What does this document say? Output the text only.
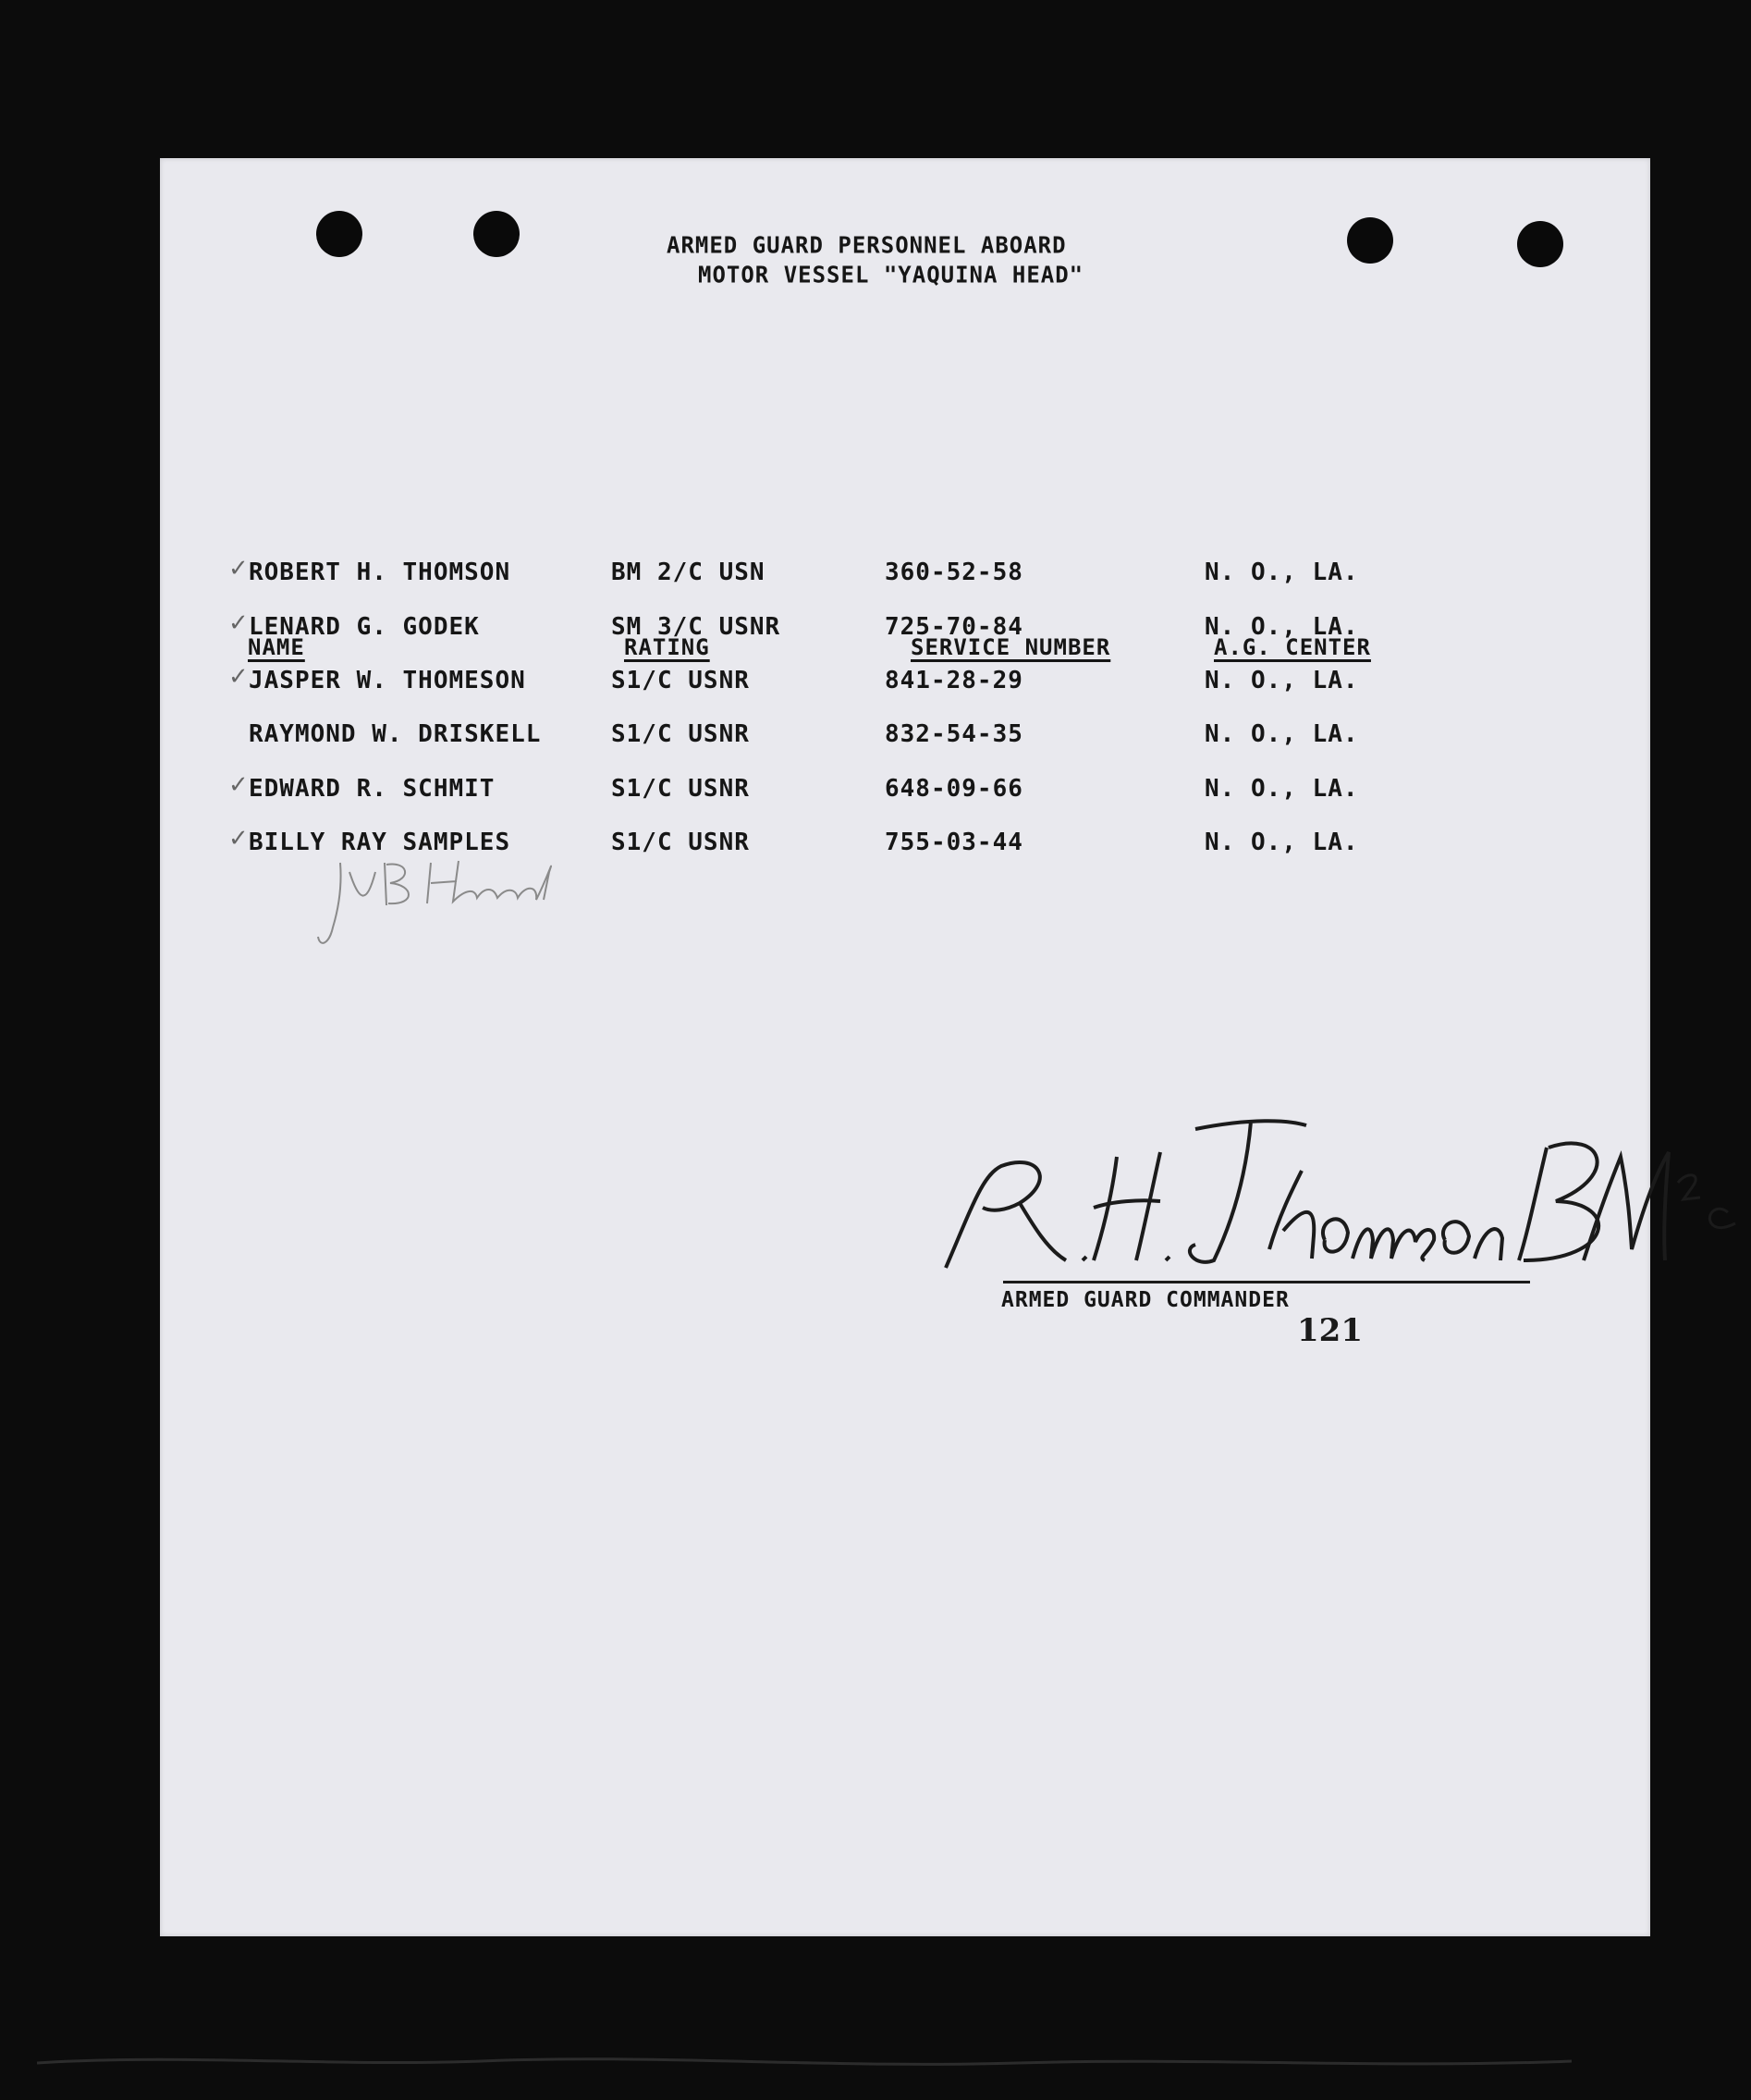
ARMED GUARD PERSONNEL ABOARD
MOTOR VESSEL "YAQUINA HEAD"
NAME	RATING	SERVICE NUMBER	A.G. CENTER
✓ ROBERT H. THOMSON	BM 2/C USN	360-52-58	N. O., LA.
✓ LENARD G. GODEK	SM 3/C USNR	725-70-84	N. O., LA.
✓ JASPER W. THOMESON	S1/C USNR	841-28-29	N. O., LA.
RAYMOND W. DRISKELL	S1/C USNR	832-54-35	N. O., LA.
✓ EDWARD R. SCHMIT	S1/C USNR	648-09-66	N. O., LA.
✓ BILLY RAY SAMPLES	S1/C USNR	755-03-44	N. O., LA.
ARMED GUARD COMMANDER
121
